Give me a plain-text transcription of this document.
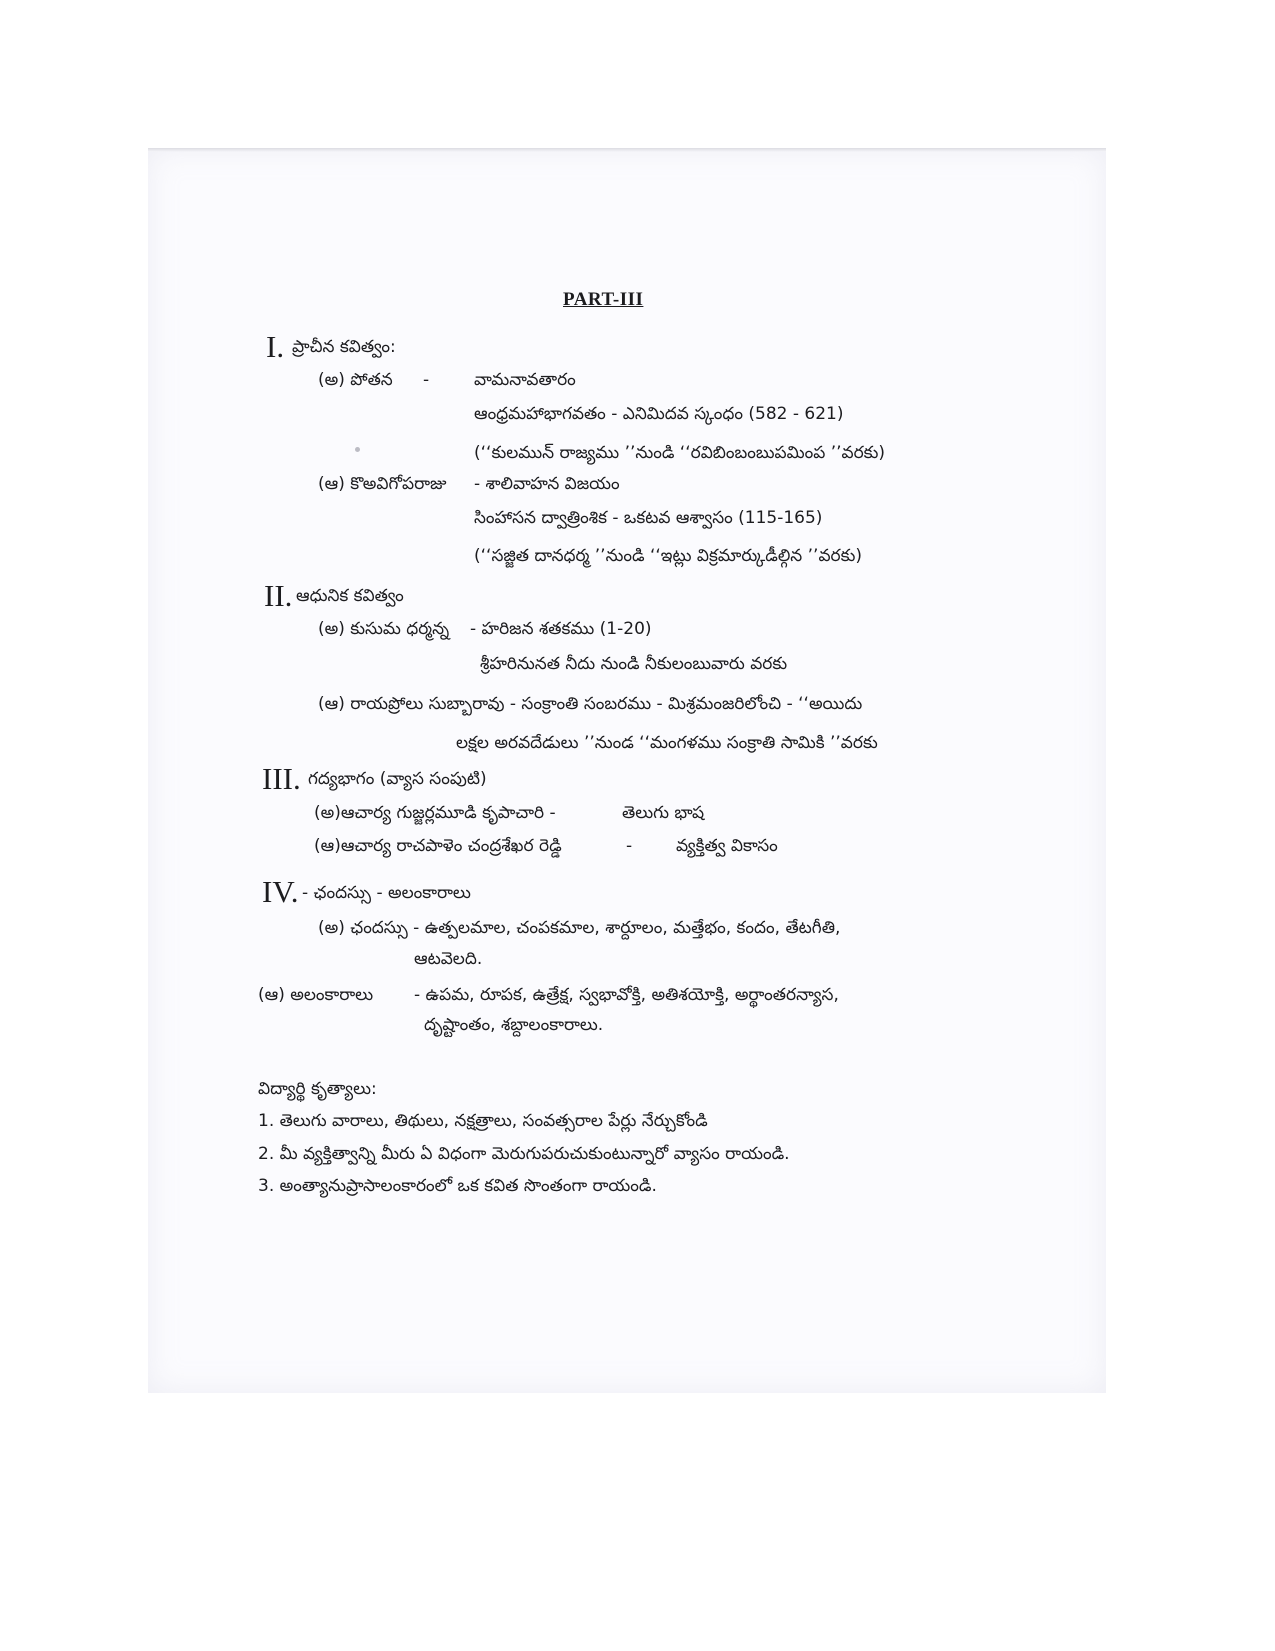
PART-III
I. ప్రాచీన కవిత్వం:
(అ) పోతన -	వామనావతారం
ఆంధ్రమహాభాగవతం - ఎనిమిదవ స్కంధం (582 - 621)
(‘‘కులమున్ రాజ్యము ’’నుండి ‘‘రవిబింబంబుపమింప ’’వరకు)
(ఆ) కొఅవిగోపరాజు - శాలివాహన విజయం
సింహాసన ద్వాత్రింశిక - ఒకటవ ఆశ్వాసం (115-165)
(‘‘సజ్జిత దానధర్మ ’’నుండి ‘‘ఇట్లు విక్రమార్కుడీల్గిన ’’వరకు)
II. ఆధునిక కవిత్వం
(అ) కుసుమ ధర్మన్న - హరిజన శతకము (1-20)
శ్రీహరినునత నీదు నుండి నీకులంబువారు వరకు
(ఆ) రాయప్రోలు సుబ్బారావు - సంక్రాంతి సంబరము - మిశ్రమంజరిలోంచి - ‘‘అయిదు
లక్షల అరవదేడులు ’’నుండ ‘‘మంగళము సంక్రాతి సామికి ’’వరకు
III. గద్యభాగం (వ్యాస సంపుటి)
(అ)ఆచార్య గుజ్జర్లమూడి కృపాచారి -	తెలుగు భాష
(ఆ)ఆచార్య రాచపాళెం చంద్రశేఖర రెడ్డి	-	వ్యక్తిత్వ వికాసం
IV. - ఛందస్సు - అలంకారాలు
(అ) ఛందస్సు - ఉత్పలమాల, చంపకమాల, శార్దూలం, మత్తేభం, కందం, తేటగీతి,
ఆటవెలది.
(ఆ) అలంకారాలు - ఉపమ, రూపక, ఉత్రేక్ష, స్వభావోక్తి, అతిశయోక్తి, అర్థాంతరన్యాస,
దృష్టాంతం, శబ్దాలంకారాలు.
విద్యార్థి కృత్యాలు:
1. తెలుగు వారాలు, తిథులు, నక్షత్రాలు, సంవత్సరాల పేర్లు నేర్చుకోండి
2. మీ వ్యక్తిత్వాన్ని మీరు ఏ విధంగా మెరుగుపరుచుకుంటున్నారో వ్యాసం రాయండి.
3. అంత్యానుప్రాసాలంకారంలో ఒక కవిత సొంతంగా రాయండి.
